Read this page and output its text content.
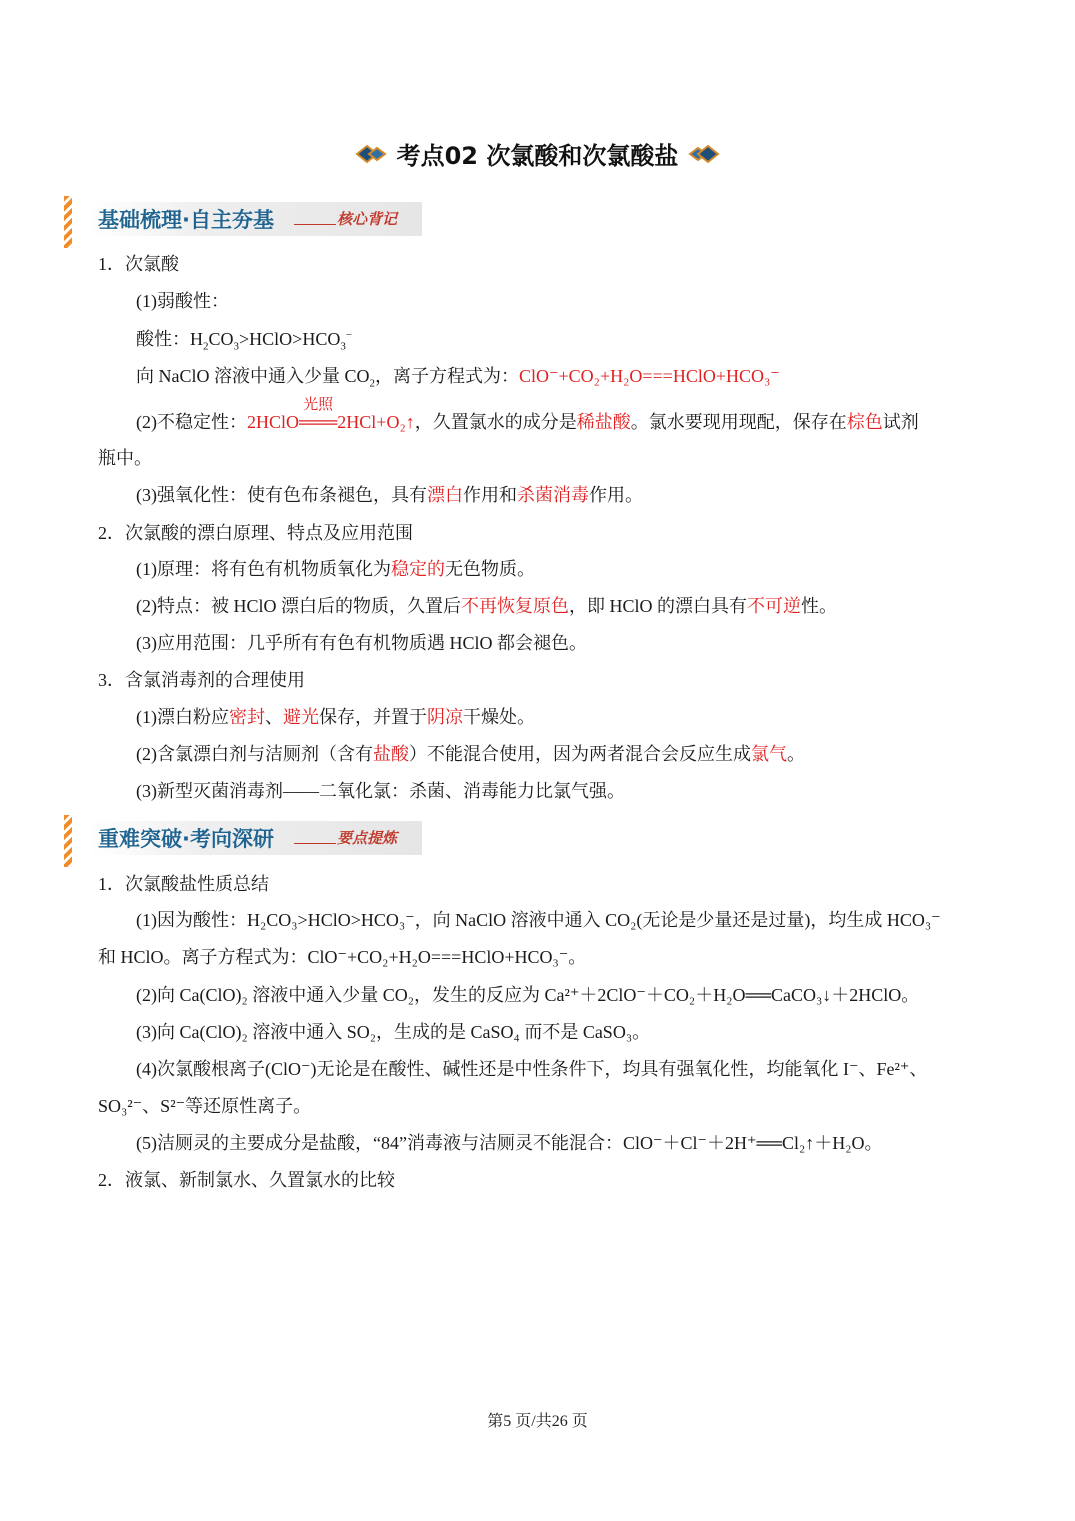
考点02 次氯酸和次氯酸盐
基础梳理·自主夯基	核心背记
1．次氯酸
(1)弱酸性：
酸性：$H_2CO_3>HClO>HCO_3^-$
向 NaClO 溶液中通入少量 $CO_2$，离子方程式为：ClO⁻+CO₂+H₂O===HClO+HCO₃⁻
(2)不稳定性：2HClO
光照
═══2HCl+O₂↑，久置氯水的成分是稀盐酸。氯水要现用现配，保存在棕色试剂
瓶中。
(3)强氧化性：使有色布条褪色，具有漂白作用和杀菌消毒作用。
2．次氯酸的漂白原理、特点及应用范围
(1)原理：将有色有机物质氧化为稳定的无色物质。
(2)特点：被 HClO 漂白后的物质，久置后不再恢复原色，即 HClO 的漂白具有不可逆性。
(3)应用范围：几乎所有有色有机物质遇 HClO 都会褪色。
3．含氯消毒剂的合理使用
(1)漂白粉应密封、避光保存，并置于阴凉干燥处。
(2)含氯漂白剂与洁厕剂（含有盐酸）不能混合使用，因为两者混合会反应生成氯气。
(3)新型灭菌消毒剂——二氧化氯：杀菌、消毒能力比氯气强。
重难突破·考向深研	要点提炼
1．次氯酸盐性质总结
(1)因为酸性：H₂CO₃>HClO>HCO₃⁻，向 NaClO 溶液中通入 CO₂(无论是少量还是过量)，均生成 HCO₃⁻
和 HClO。离子方程式为：ClO⁻+CO₂+H₂O===HClO+HCO₃⁻。
(2)向 Ca(ClO)₂ 溶液中通入少量 CO₂，发生的反应为 Ca²⁺＋2ClO⁻＋CO₂＋H₂O══CaCO₃↓＋2HClO。
(3)向 Ca(ClO)₂ 溶液中通入 SO₂，生成的是 CaSO₄ 而不是 CaSO₃。
(4)次氯酸根离子(ClO⁻)无论是在酸性、碱性还是中性条件下，均具有强氧化性，均能氧化 I⁻、Fe²⁺、
SO₃²⁻、S²⁻等还原性离子。
(5)洁厕灵的主要成分是盐酸，“84”消毒液与洁厕灵不能混合：ClO⁻＋Cl⁻＋2H⁺══Cl₂↑＋H₂O。
2．液氯、新制氯水、久置氯水的比较
第5 页/共26 页
